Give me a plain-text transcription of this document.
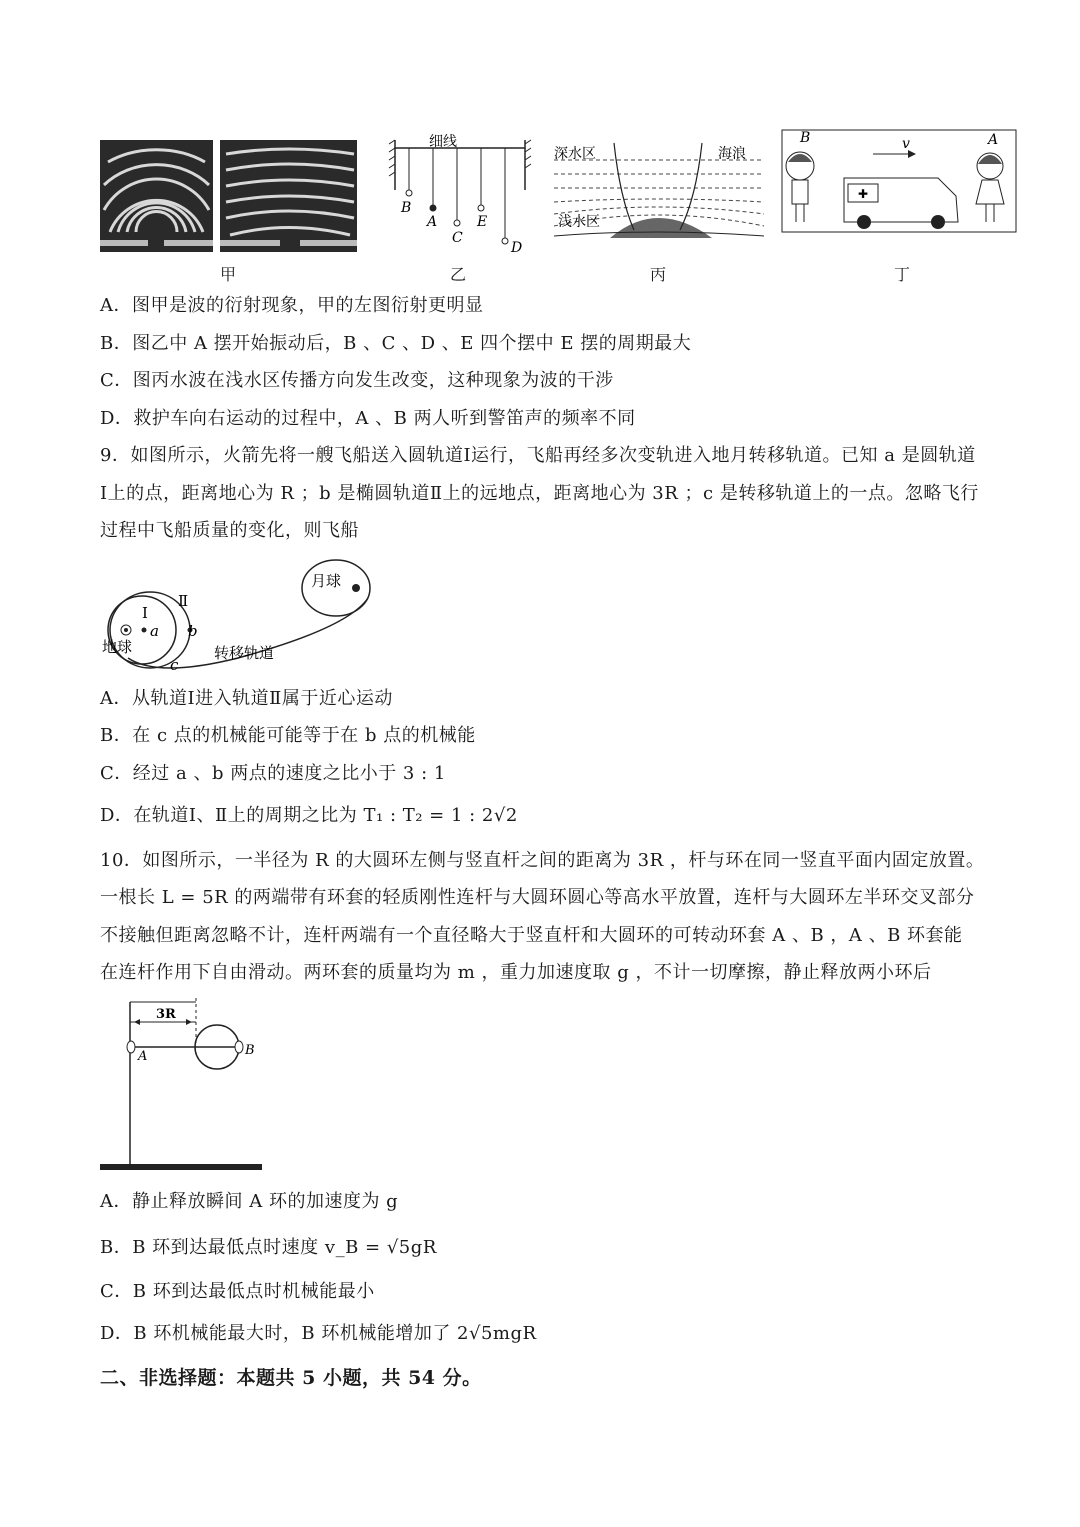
甲
细线
B
A
C
E
D
乙
深水区	海浪
浅水区
丙
B
✚
v	A
丁
A．图甲是波的衍射现象，甲的左图衍射更明显
B．图乙中 A 摆开始振动后，B 、C 、D 、E 四个摆中 E 摆的周期最大
C．图丙水波在浅水区传播方向发生改变，这种现象为波的干涉
D．救护车向右运动的过程中，A 、B 两人听到警笛声的频率不同
9．如图所示，火箭先将一艘飞船送入圆轨道Ⅰ运行，飞船再经多次变轨进入地月转移轨道。已知 a 是圆轨道
Ⅰ上的点，距离地心为 R ；b 是椭圆轨道Ⅱ上的远地点，距离地心为 3R ；c 是转移轨道上的一点。忽略飞行
过程中飞船质量的变化，则飞船
月球
地球
Ⅰ
Ⅱ
转移轨道
a b
c
A．从轨道Ⅰ进入轨道Ⅱ属于近心运动
B．在 c 点的机械能可能等于在 b 点的机械能
C．经过 a 、b 两点的速度之比小于 3 : 1
D．在轨道Ⅰ、Ⅱ上的周期之比为 T₁ : T₂ = 1 : 2√2
10．如图所示，一半径为 R 的大圆环左侧与竖直杆之间的距离为 3R ，杆与环在同一竖直平面内固定放置。
一根长 L = 5R 的两端带有环套的轻质刚性连杆与大圆环圆心等高水平放置，连杆与大圆环左半环交叉部分
不接触但距离忽略不计，连杆两端有一个直径略大于竖直杆和大圆环的可转动环套 A 、B ，A 、B 环套能
在连杆作用下自由滑动。两环套的质量均为 m ，重力加速度取 g ，不计一切摩擦，静止释放两小环后
3R
A	B
A．静止释放瞬间 A 环的加速度为 g
B．B 环到达最低点时速度 v_B = √5gR
C．B 环到达最低点时机械能最小
D．B 环机械能最大时，B 环机械能增加了 2√5mgR
二、非选择题：本题共 5 小题，共 54 分。
